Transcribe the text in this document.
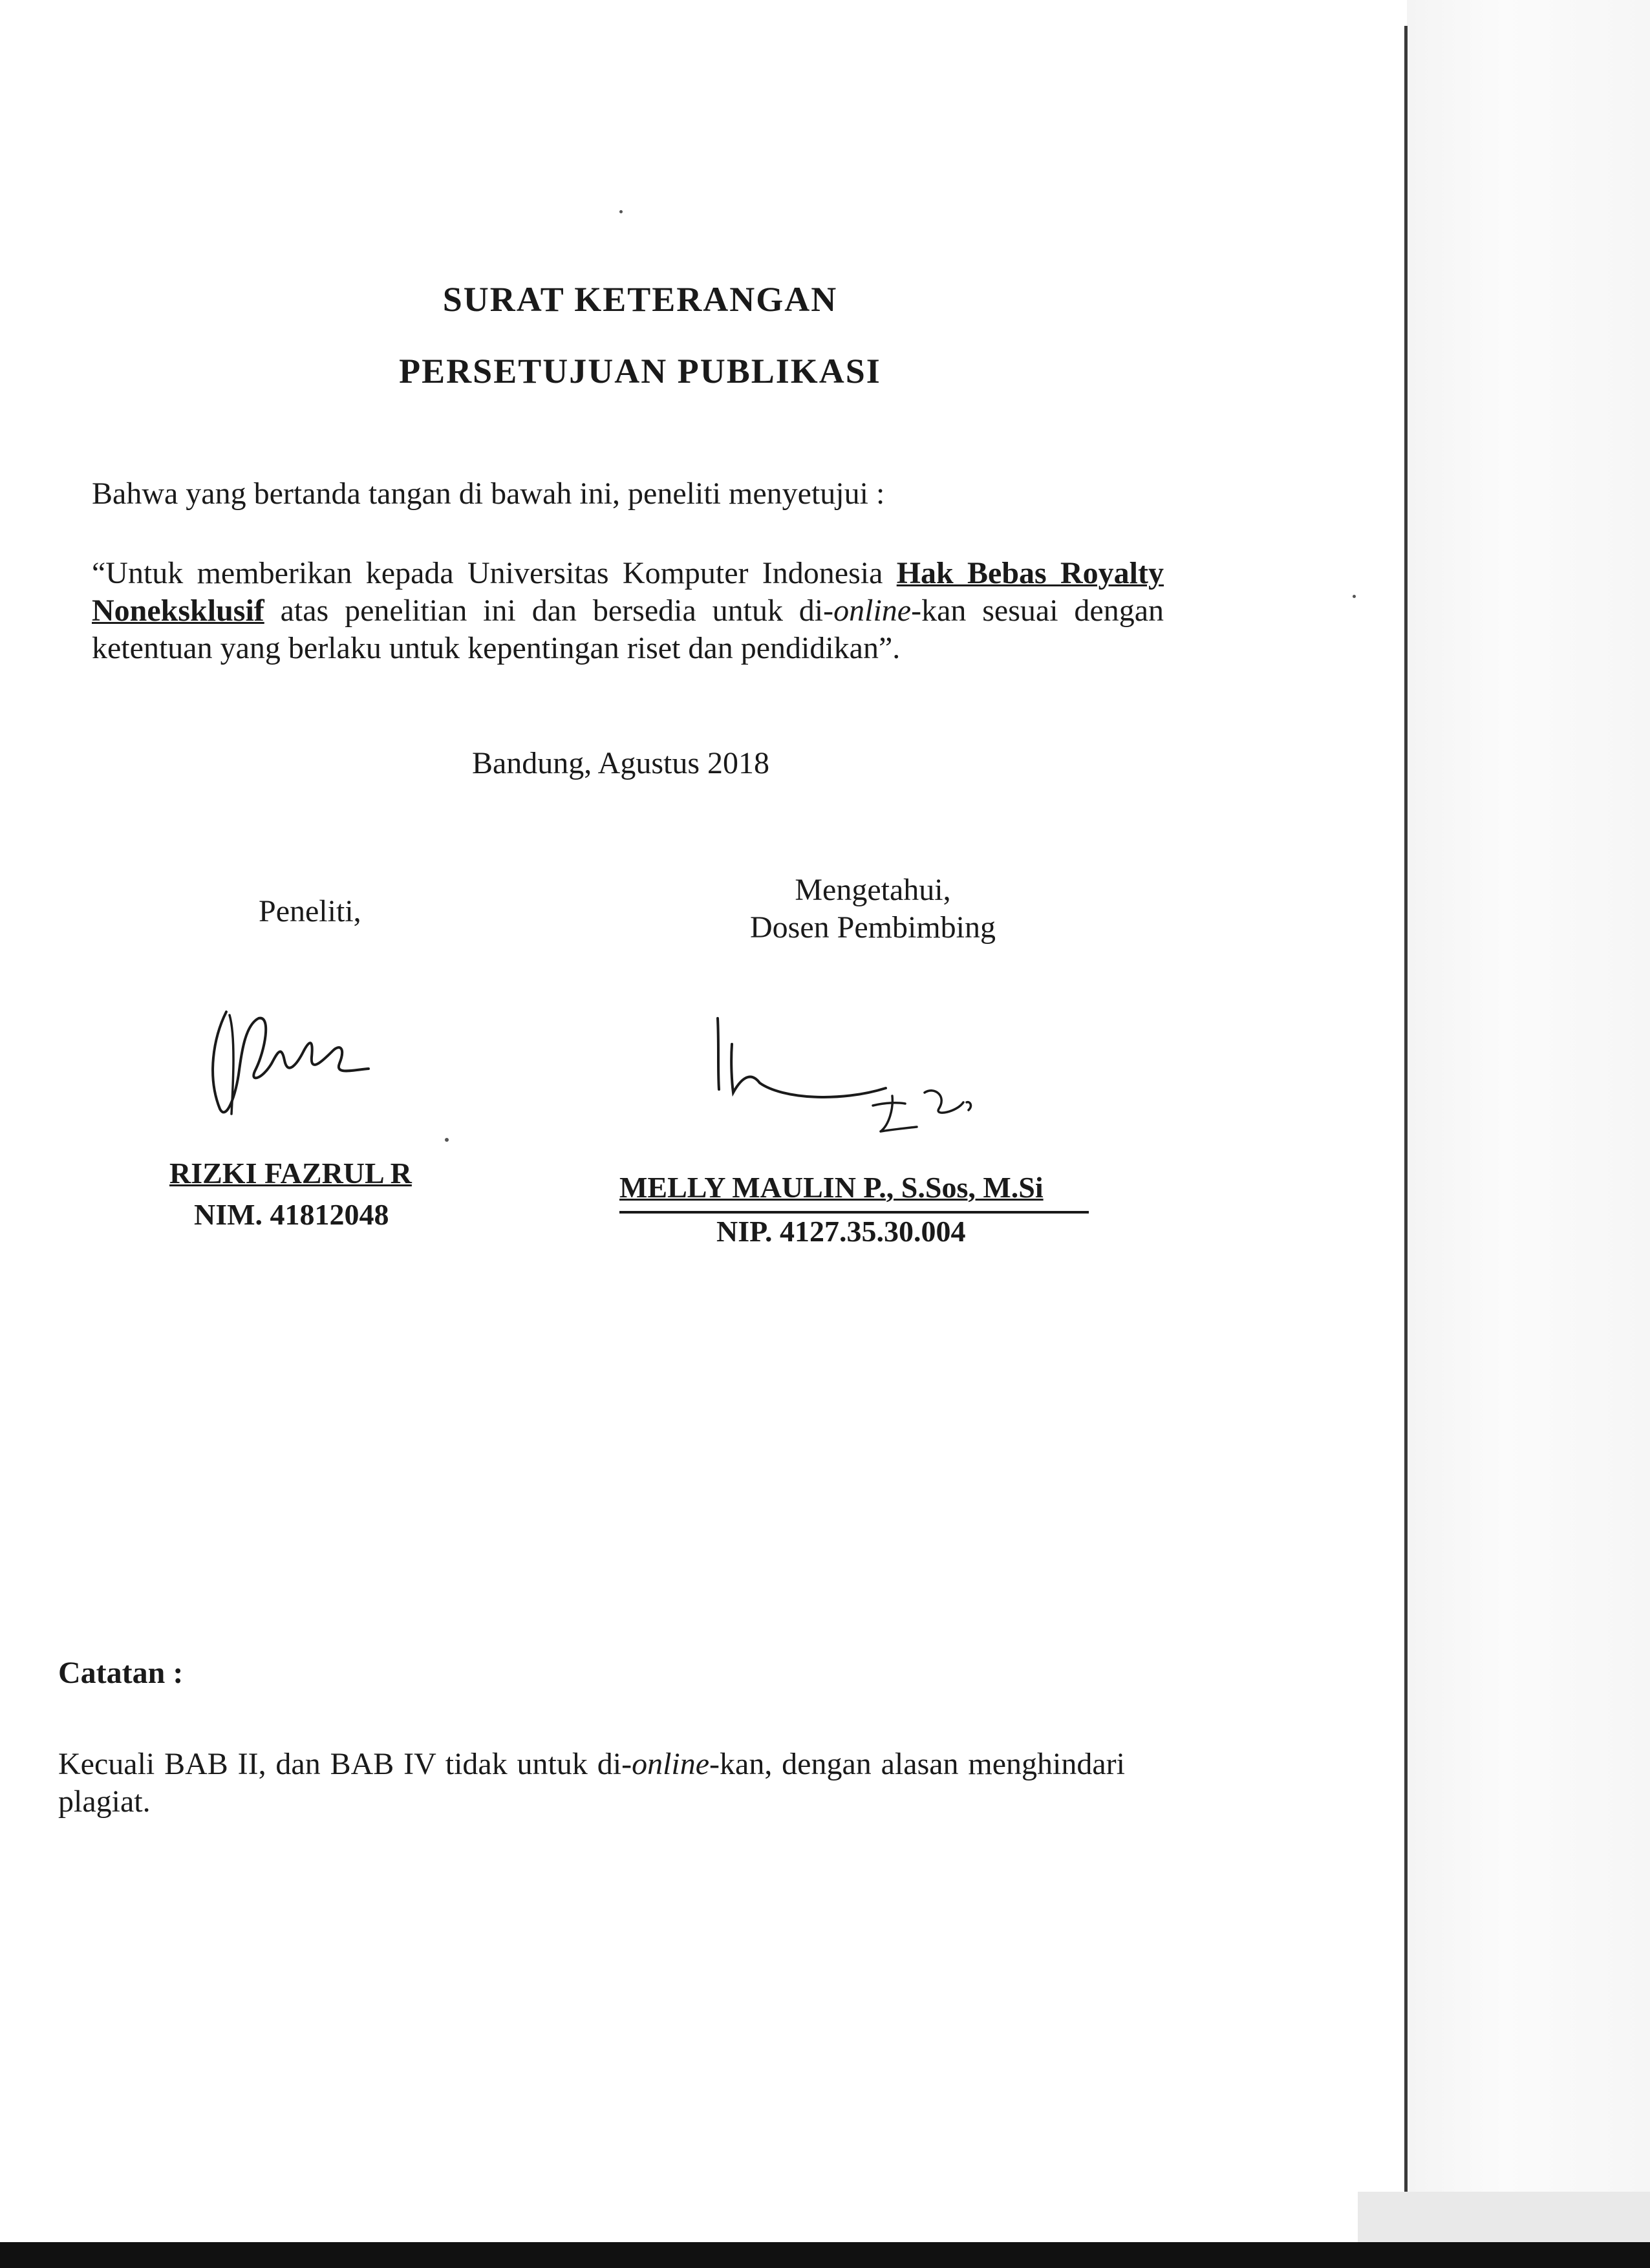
SURAT KETERANGAN
PERSETUJUAN PUBLIKASI
Bahwa yang bertanda tangan di bawah ini, peneliti menyetujui :
“Untuk memberikan kepada Universitas Komputer Indonesia Hak Bebas Royalty Noneksklusif atas penelitian ini dan bersedia untuk di-online-kan sesuai dengan ketentuan yang berlaku untuk kepentingan riset dan pendidikan”.
Bandung, Agustus 2018
Peneliti,
Mengetahui,
Dosen Pembimbing
RIZKI FAZRUL R
NIM. 41812048
MELLY MAULIN P., S.Sos, M.Si
NIP. 4127.35.30.004
Catatan :
Kecuali BAB II, dan BAB IV tidak untuk di-online-kan, dengan alasan menghindari plagiat.
